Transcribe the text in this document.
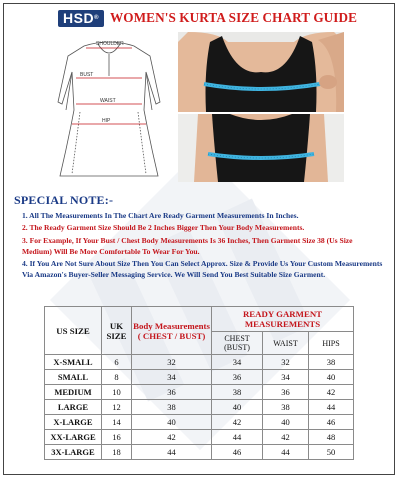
HSD® WOMEN'S KURTA SIZE CHART GUIDE
SHOULDER
BUST
WAIST
HIP
SPECIAL NOTE:-
1. All The Measurements In The Chart Are Ready Garment Measurements In Inches.
2. The Ready Garment Size Should Be 2 Inches Bigger Then Your Body Measurements.
3. For Example, If Your Bust / Chest Body Measurements Is 36 Inches, Then Garment Size 38 (Us Size Medium) Will Be More Comfortable To Wear For You.
4. If You Are Not Sure About Size Then You Can Select Approx. Size & Provide Us Your Custom Measurements Via Amazon's Buyer-Seller Messaging Service. We Will Send You Best Suitable Size Garment.
US SIZE	UK SIZE	Body Measurements ( CHEST / BUST)	READY GARMENT MEASUREMENTS		
			CHEST (BUST)	WAIST	HIPS
X-SMALL	6	32	34	32	38
SMALL	8	34	36	34	40
MEDIUM	10	36	38	36	42
LARGE	12	38	40	38	44
X-LARGE	14	40	42	40	46
XX-LARGE	16	42	44	42	48
3X-LARGE	18	44	46	44	50
